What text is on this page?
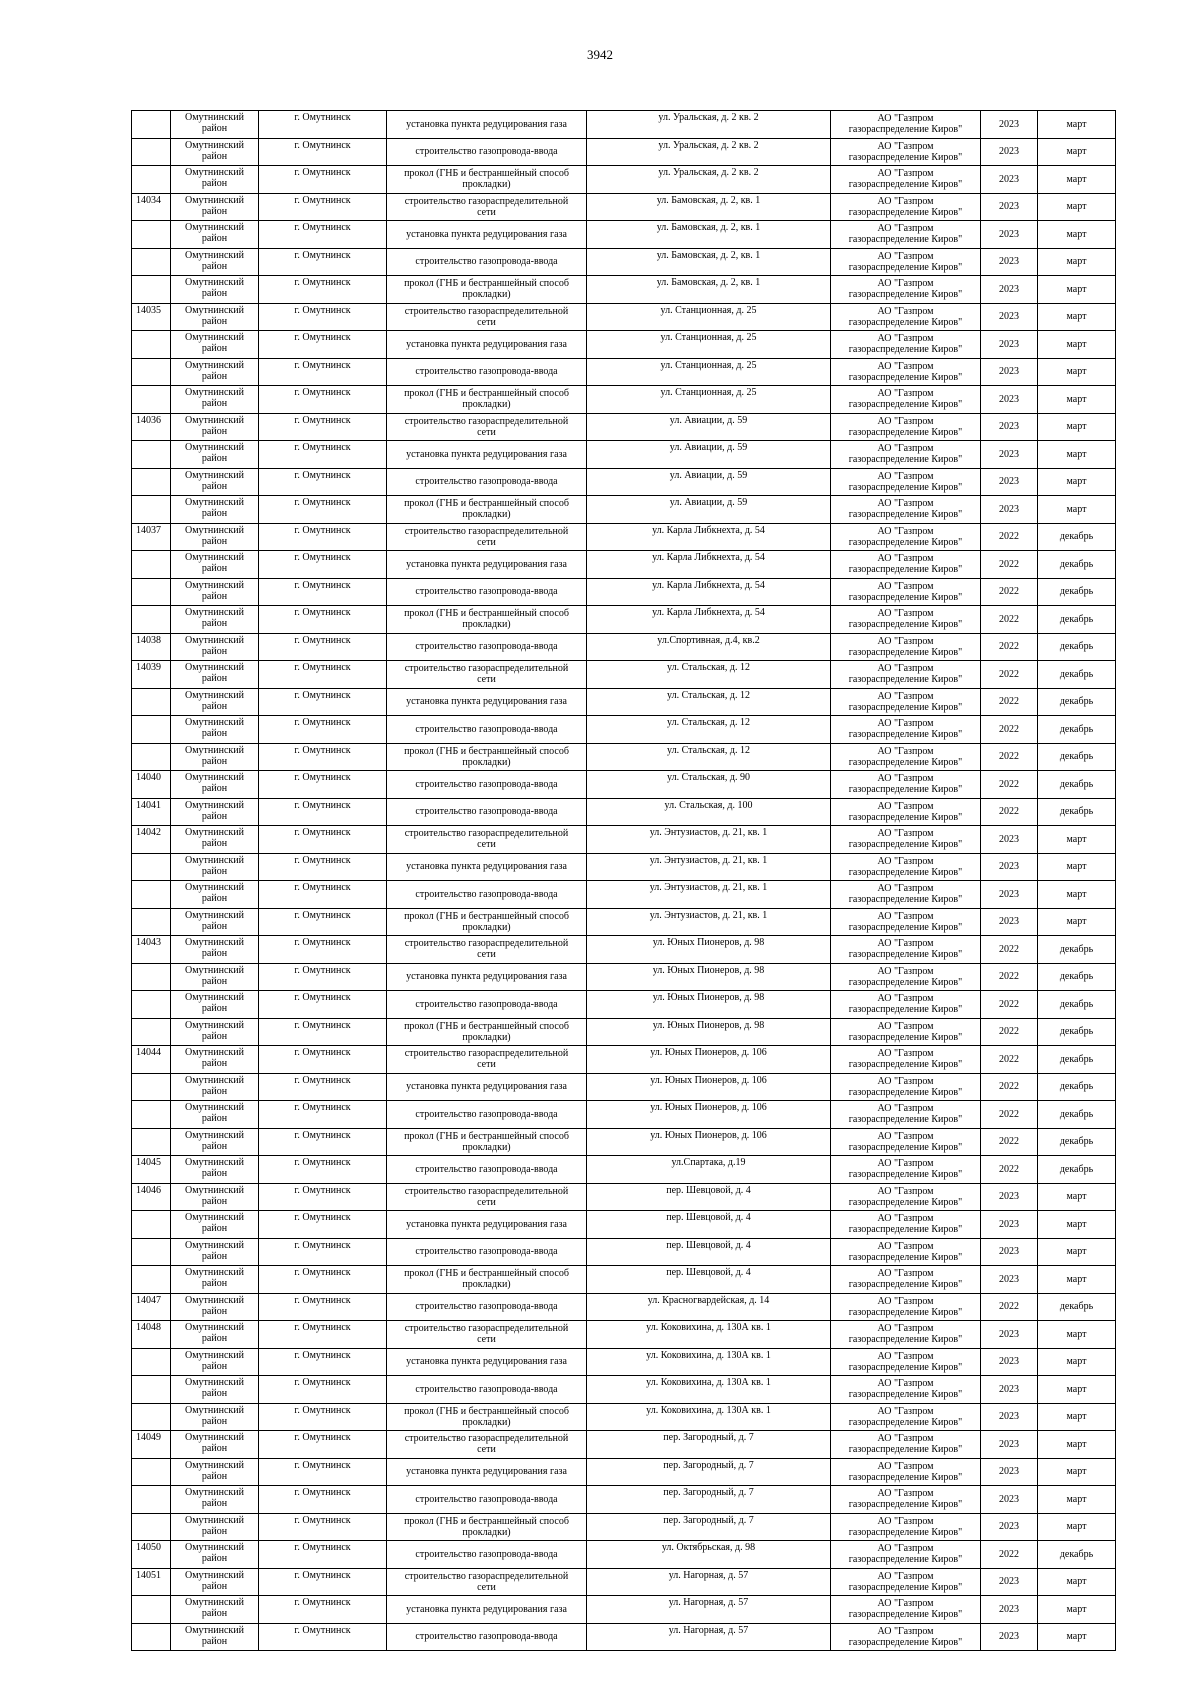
3942

	Омутнинский
район	г. Омутнинск	установка пункта редуцирования газа	ул. Уральская, д. 2 кв. 2	АО "Газпром
газораспределение Киров"	2023	март

	Омутнинский
район	г. Омутнинск	строительство газопровода-ввода	ул. Уральская, д. 2 кв. 2	АО "Газпром
газораспределение Киров"	2023	март

	Омутнинский
район	г. Омутнинск	прокол (ГНБ и бестраншейный способ
прокладки)	ул. Уральская, д. 2 кв. 2	АО "Газпром
газораспределение Киров"	2023	март
14034	Омутнинский
район	г. Омутнинск	строительство газораспределительной
сети	ул. Бамовская, д. 2, кв. 1	АО "Газпром
газораспределение Киров"	2023	март

	Омутнинский
район	г. Омутнинск	установка пункта редуцирования газа	ул. Бамовская, д. 2, кв. 1	АО "Газпром
газораспределение Киров"	2023	март

	Омутнинский
район	г. Омутнинск	строительство газопровода-ввода	ул. Бамовская, д. 2, кв. 1	АО "Газпром
газораспределение Киров"	2023	март

	Омутнинский
район	г. Омутнинск	прокол (ГНБ и бестраншейный способ
прокладки)	ул. Бамовская, д. 2, кв. 1	АО "Газпром
газораспределение Киров"	2023	март
14035	Омутнинский
район	г. Омутнинск	строительство газораспределительной
сети	ул. Станционная, д. 25	АО "Газпром
газораспределение Киров"	2023	март

	Омутнинский
район	г. Омутнинск	установка пункта редуцирования газа	ул. Станционная, д. 25	АО "Газпром
газораспределение Киров"	2023	март

	Омутнинский
район	г. Омутнинск	строительство газопровода-ввода	ул. Станционная, д. 25	АО "Газпром
газораспределение Киров"	2023	март

	Омутнинский
район	г. Омутнинск	прокол (ГНБ и бестраншейный способ
прокладки)	ул. Станционная, д. 25	АО "Газпром
газораспределение Киров"	2023	март
14036	Омутнинский
район	г. Омутнинск	строительство газораспределительной
сети	ул. Авиации, д. 59	АО "Газпром
газораспределение Киров"	2023	март

	Омутнинский
район	г. Омутнинск	установка пункта редуцирования газа	ул. Авиации, д. 59	АО "Газпром
газораспределение Киров"	2023	март

	Омутнинский
район	г. Омутнинск	строительство газопровода-ввода	ул. Авиации, д. 59	АО "Газпром
газораспределение Киров"	2023	март

	Омутнинский
район	г. Омутнинск	прокол (ГНБ и бестраншейный способ
прокладки)	ул. Авиации, д. 59	АО "Газпром
газораспределение Киров"	2023	март
14037	Омутнинский
район	г. Омутнинск	строительство газораспределительной
сети	ул. Карла Либкнехта, д. 54	АО "Газпром
газораспределение Киров"	2022	декабрь

	Омутнинский
район	г. Омутнинск	установка пункта редуцирования газа	ул. Карла Либкнехта, д. 54	АО "Газпром
газораспределение Киров"	2022	декабрь

	Омутнинский
район	г. Омутнинск	строительство газопровода-ввода	ул. Карла Либкнехта, д. 54	АО "Газпром
газораспределение Киров"	2022	декабрь

	Омутнинский
район	г. Омутнинск	прокол (ГНБ и бестраншейный способ
прокладки)	ул. Карла Либкнехта, д. 54	АО "Газпром
газораспределение Киров"	2022	декабрь
14038	Омутнинский
район	г. Омутнинск	строительство газопровода-ввода	ул.Спортивная, д.4, кв.2	АО "Газпром
газораспределение Киров"	2022	декабрь
14039	Омутнинский
район	г. Омутнинск	строительство газораспределительной
сети	ул. Стальская, д. 12	АО "Газпром
газораспределение Киров"	2022	декабрь

	Омутнинский
район	г. Омутнинск	установка пункта редуцирования газа	ул. Стальская, д. 12	АО "Газпром
газораспределение Киров"	2022	декабрь

	Омутнинский
район	г. Омутнинск	строительство газопровода-ввода	ул. Стальская, д. 12	АО "Газпром
газораспределение Киров"	2022	декабрь

	Омутнинский
район	г. Омутнинск	прокол (ГНБ и бестраншейный способ
прокладки)	ул. Стальская, д. 12	АО "Газпром
газораспределение Киров"	2022	декабрь
14040	Омутнинский
район	г. Омутнинск	строительство газопровода-ввода	ул. Стальская, д. 90	АО "Газпром
газораспределение Киров"	2022	декабрь
14041	Омутнинский
район	г. Омутнинск	строительство газопровода-ввода	ул. Стальская, д. 100	АО "Газпром
газораспределение Киров"	2022	декабрь
14042	Омутнинский
район	г. Омутнинск	строительство газораспределительной
сети	ул. Энтузиастов, д. 21, кв. 1	АО "Газпром
газораспределение Киров"	2023	март

	Омутнинский
район	г. Омутнинск	установка пункта редуцирования газа	ул. Энтузиастов, д. 21, кв. 1	АО "Газпром
газораспределение Киров"	2023	март

	Омутнинский
район	г. Омутнинск	строительство газопровода-ввода	ул. Энтузиастов, д. 21, кв. 1	АО "Газпром
газораспределение Киров"	2023	март

	Омутнинский
район	г. Омутнинск	прокол (ГНБ и бестраншейный способ
прокладки)	ул. Энтузиастов, д. 21, кв. 1	АО "Газпром
газораспределение Киров"	2023	март
14043	Омутнинский
район	г. Омутнинск	строительство газораспределительной
сети	ул. Юных Пионеров, д. 98	АО "Газпром
газораспределение Киров"	2022	декабрь

	Омутнинский
район	г. Омутнинск	установка пункта редуцирования газа	ул. Юных Пионеров, д. 98	АО "Газпром
газораспределение Киров"	2022	декабрь

	Омутнинский
район	г. Омутнинск	строительство газопровода-ввода	ул. Юных Пионеров, д. 98	АО "Газпром
газораспределение Киров"	2022	декабрь

	Омутнинский
район	г. Омутнинск	прокол (ГНБ и бестраншейный способ
прокладки)	ул. Юных Пионеров, д. 98	АО "Газпром
газораспределение Киров"	2022	декабрь
14044	Омутнинский
район	г. Омутнинск	строительство газораспределительной
сети	ул. Юных Пионеров, д. 106	АО "Газпром
газораспределение Киров"	2022	декабрь

	Омутнинский
район	г. Омутнинск	установка пункта редуцирования газа	ул. Юных Пионеров, д. 106	АО "Газпром
газораспределение Киров"	2022	декабрь

	Омутнинский
район	г. Омутнинск	строительство газопровода-ввода	ул. Юных Пионеров, д. 106	АО "Газпром
газораспределение Киров"	2022	декабрь

	Омутнинский
район	г. Омутнинск	прокол (ГНБ и бестраншейный способ
прокладки)	ул. Юных Пионеров, д. 106	АО "Газпром
газораспределение Киров"	2022	декабрь
14045	Омутнинский
район	г. Омутнинск	строительство газопровода-ввода	ул.Спартака, д.19	АО "Газпром
газораспределение Киров"	2022	декабрь
14046	Омутнинский
район	г. Омутнинск	строительство газораспределительной
сети	пер. Шевцовой, д. 4	АО "Газпром
газораспределение Киров"	2023	март

	Омутнинский
район	г. Омутнинск	установка пункта редуцирования газа	пер. Шевцовой, д. 4	АО "Газпром
газораспределение Киров"	2023	март

	Омутнинский
район	г. Омутнинск	строительство газопровода-ввода	пер. Шевцовой, д. 4	АО "Газпром
газораспределение Киров"	2023	март

	Омутнинский
район	г. Омутнинск	прокол (ГНБ и бестраншейный способ
прокладки)	пер. Шевцовой, д. 4	АО "Газпром
газораспределение Киров"	2023	март
14047	Омутнинский
район	г. Омутнинск	строительство газопровода-ввода	ул. Красногвардейская, д. 14	АО "Газпром
газораспределение Киров"	2022	декабрь
14048	Омутнинский
район	г. Омутнинск	строительство газораспределительной
сети	ул. Коковихина, д. 130А кв. 1	АО "Газпром
газораспределение Киров"	2023	март

	Омутнинский
район	г. Омутнинск	установка пункта редуцирования газа	ул. Коковихина, д. 130А кв. 1	АО "Газпром
газораспределение Киров"	2023	март

	Омутнинский
район	г. Омутнинск	строительство газопровода-ввода	ул. Коковихина, д. 130А кв. 1	АО "Газпром
газораспределение Киров"	2023	март

	Омутнинский
район	г. Омутнинск	прокол (ГНБ и бестраншейный способ
прокладки)	ул. Коковихина, д. 130А кв. 1	АО "Газпром
газораспределение Киров"	2023	март
14049	Омутнинский
район	г. Омутнинск	строительство газораспределительной
сети	пер. Загородный, д. 7	АО "Газпром
газораспределение Киров"	2023	март

	Омутнинский
район	г. Омутнинск	установка пункта редуцирования газа	пер. Загородный, д. 7	АО "Газпром
газораспределение Киров"	2023	март

	Омутнинский
район	г. Омутнинск	строительство газопровода-ввода	пер. Загородный, д. 7	АО "Газпром
газораспределение Киров"	2023	март

	Омутнинский
район	г. Омутнинск	прокол (ГНБ и бестраншейный способ
прокладки)	пер. Загородный, д. 7	АО "Газпром
газораспределение Киров"	2023	март
14050	Омутнинский
район	г. Омутнинск	строительство газопровода-ввода	ул. Октябрьская, д. 98	АО "Газпром
газораспределение Киров"	2022	декабрь
14051	Омутнинский
район	г. Омутнинск	строительство газораспределительной
сети	ул. Нагорная, д. 57	АО "Газпром
газораспределение Киров"	2023	март

	Омутнинский
район	г. Омутнинск	установка пункта редуцирования газа	ул. Нагорная, д. 57	АО "Газпром
газораспределение Киров"	2023	март

	Омутнинский
район	г. Омутнинск	строительство газопровода-ввода	ул. Нагорная, д. 57	АО "Газпром
газораспределение Киров"	2023	март
